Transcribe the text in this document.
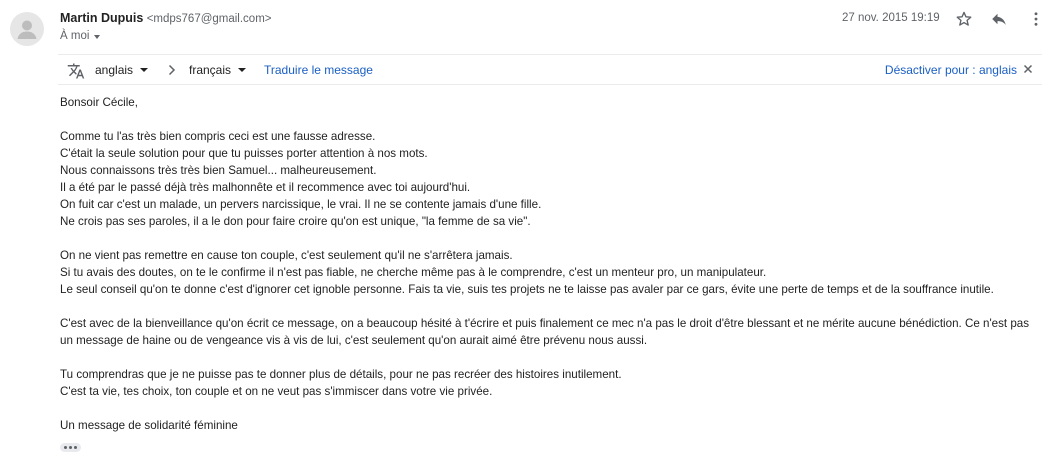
Martin Dupuis <mdps767@gmail.com>
À moi
27 nov. 2015 19:19
anglais	français	Traduire le message	Désactiver pour : anglais

Bonsoir Cécile,

Comme tu l'as très bien compris ceci est une fausse adresse.

C'était la seule solution pour que tu puisses porter attention à nos mots.

Nous connaissons très très bien Samuel... malheureusement.

Il a été par le passé déjà très malhonnête et il recommence avec toi aujourd'hui.

On fuit car c'est un malade, un pervers narcissique, le vrai. Il ne se contente jamais d'une fille.

Ne crois pas ses paroles, il a le don pour faire croire qu'on est unique, "la femme de sa vie".

On ne vient pas remettre en cause ton couple, c'est seulement qu'il ne s'arrêtera jamais.

Si tu avais des doutes, on te le confirme il n'est pas fiable, ne cherche même pas à le comprendre, c'est un menteur pro, un manipulateur.

Le seul conseil qu'on te donne c'est d'ignorer cet ignoble personne. Fais ta vie, suis tes projets ne te laisse pas avaler par ce gars, évite une perte de temps et de la souffrance inutile.

C'est avec de la bienveillance qu'on écrit ce message, on a beaucoup hésité à t'écrire et puis finalement ce mec n'a pas le droit d'être blessant et ne mérite aucune bénédiction. Ce n'est pas un message de haine ou de vengeance vis à vis de lui, c'est seulement qu'on aurait aimé être prévenu nous aussi.

Tu comprendras que je ne puisse pas te donner plus de détails, pour ne pas recréer des histoires inutilement.

C'est ta vie, tes choix, ton couple et on ne veut pas s'immiscer dans votre vie privée.

Un message de solidarité féminine
